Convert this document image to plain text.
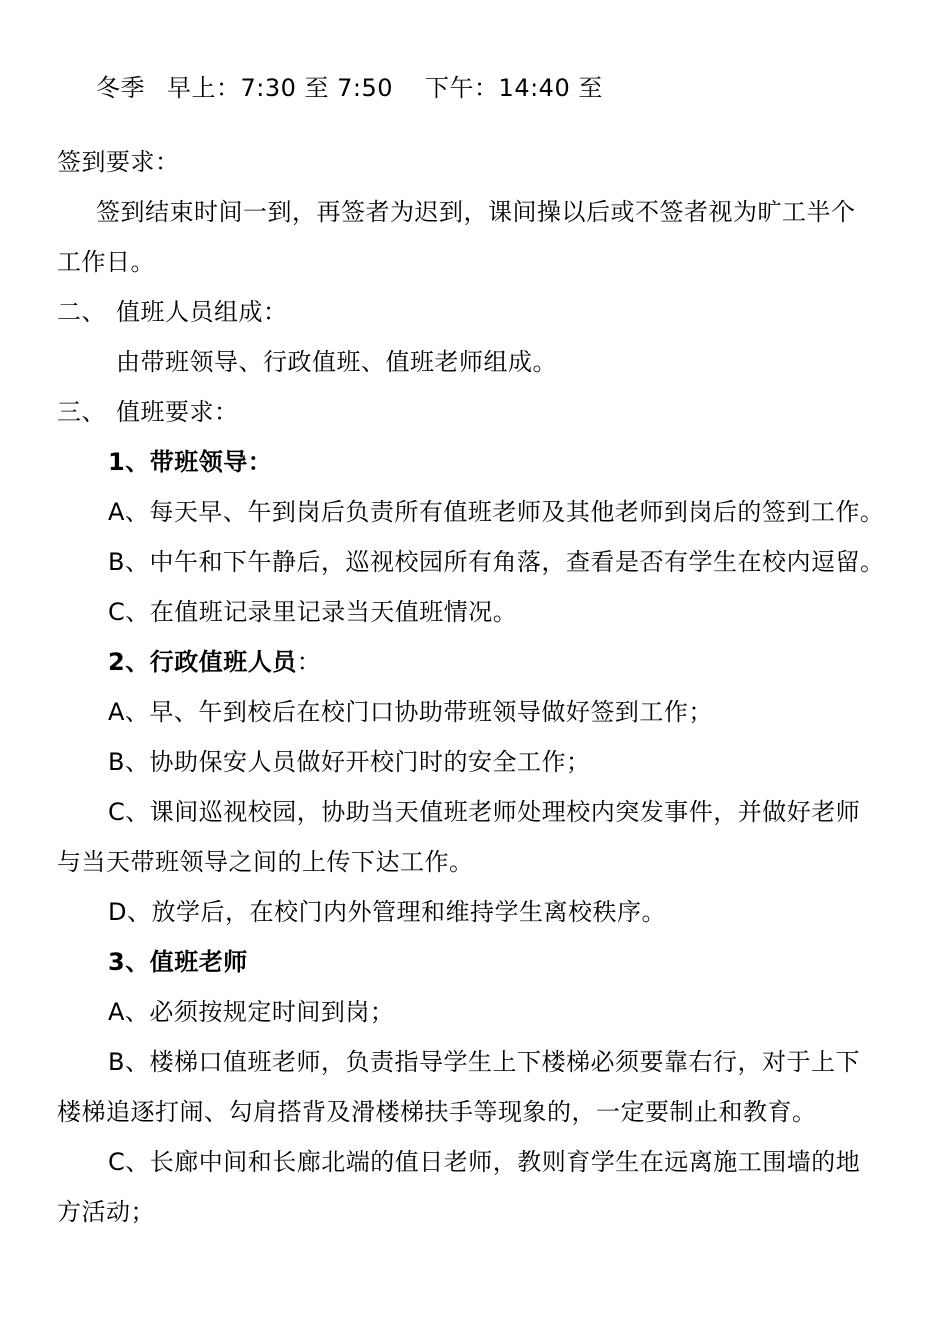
冬季 早上：7:30 至 7:50 下午：14:40 至
签到要求：
签到结束时间一到，再签者为迟到，课间操以后或不签者视为旷工半个
工作日。
二、 值班人员组成：
由带班领导、行政值班、值班老师组成。
三、 值班要求：
1、带班领导：
A、每天早、午到岗后负责所有值班老师及其他老师到岗后的签到工作。
B、中午和下午静后，巡视校园所有角落，查看是否有学生在校内逗留。
C、在值班记录里记录当天值班情况。
2、行政值班人员：
A、早、午到校后在校门口协助带班领导做好签到工作；
B、协助保安人员做好开校门时的安全工作；
C、课间巡视校园，协助当天值班老师处理校内突发事件，并做好老师
与当天带班领导之间的上传下达工作。
D、放学后，在校门内外管理和维持学生离校秩序。
3、值班老师
A、必须按规定时间到岗；
B、楼梯口值班老师，负责指导学生上下楼梯必须要靠右行，对于上下
楼梯追逐打闹、勾肩搭背及滑楼梯扶手等现象的，一定要制止和教育。
C、长廊中间和长廊北端的值日老师，教则育学生在远离施工围墙的地
方活动；
